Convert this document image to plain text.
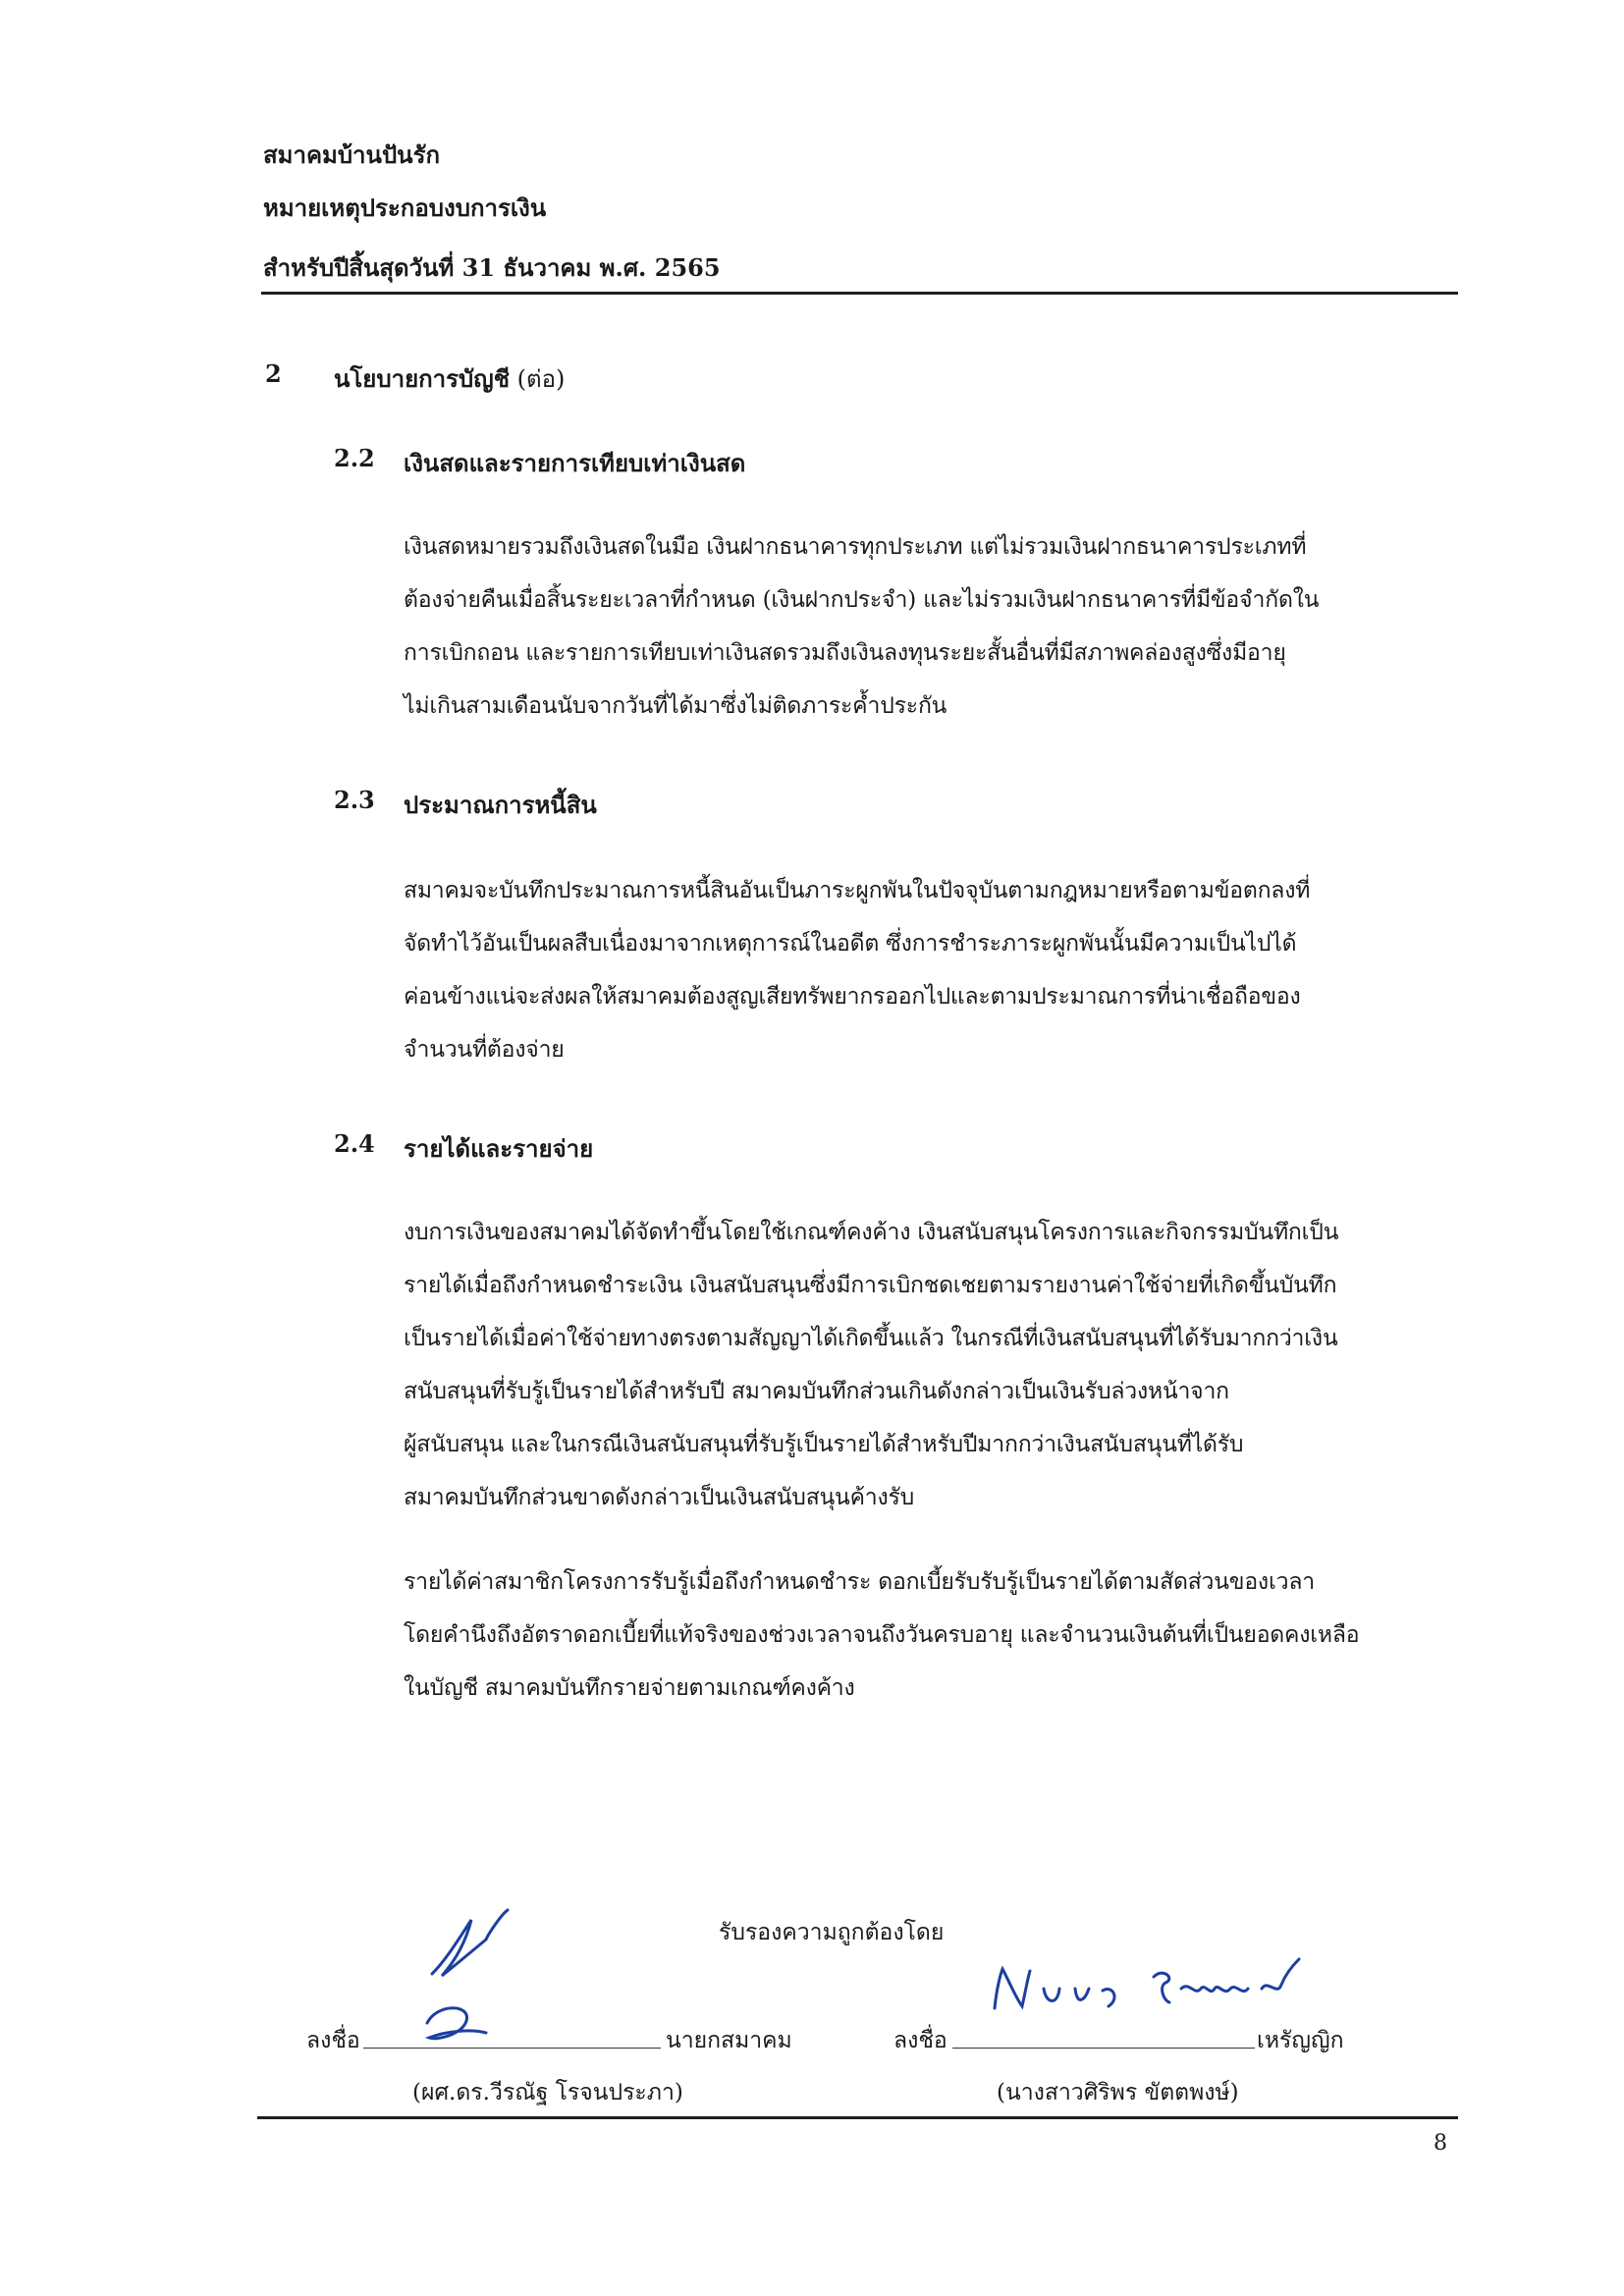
สมาคมบ้านปันรัก
หมายเหตุประกอบงบการเงิน
สำหรับปีสิ้นสุดวันที่ 31 ธันวาคม พ.ศ. 2565
2 นโยบายการบัญชี (ต่อ)
2.2 เงินสดและรายการเทียบเท่าเงินสด
เงินสดหมายรวมถึงเงินสดในมือ เงินฝากธนาคารทุกประเภท แต่ไม่รวมเงินฝากธนาคารประเภทที่
ต้องจ่ายคืนเมื่อสิ้นระยะเวลาที่กำหนด (เงินฝากประจำ) และไม่รวมเงินฝากธนาคารที่มีข้อจำกัดใน
การเบิกถอน และรายการเทียบเท่าเงินสดรวมถึงเงินลงทุนระยะสั้นอื่นที่มีสภาพคล่องสูงซึ่งมีอายุ
ไม่เกินสามเดือนนับจากวันที่ได้มาซึ่งไม่ติดภาระค้ำประกัน
2.3 ประมาณการหนี้สิน
สมาคมจะบันทึกประมาณการหนี้สินอันเป็นภาระผูกพันในปัจจุบันตามกฎหมายหรือตามข้อตกลงที่
จัดทำไว้อันเป็นผลสืบเนื่องมาจากเหตุการณ์ในอดีต ซึ่งการชำระภาระผูกพันนั้นมีความเป็นไปได้
ค่อนข้างแน่จะส่งผลให้สมาคมต้องสูญเสียทรัพยากรออกไปและตามประมาณการที่น่าเชื่อถือของ
จำนวนที่ต้องจ่าย
2.4 รายได้และรายจ่าย
งบการเงินของสมาคมได้จัดทำขึ้นโดยใช้เกณฑ์คงค้าง เงินสนับสนุนโครงการและกิจกรรมบันทึกเป็น
รายได้เมื่อถึงกำหนดชำระเงิน เงินสนับสนุนซึ่งมีการเบิกชดเชยตามรายงานค่าใช้จ่ายที่เกิดขึ้นบันทึก
เป็นรายได้เมื่อค่าใช้จ่ายทางตรงตามสัญญาได้เกิดขึ้นแล้ว ในกรณีที่เงินสนับสนุนที่ได้รับมากกว่าเงิน
สนับสนุนที่รับรู้เป็นรายได้สำหรับปี สมาคมบันทึกส่วนเกินดังกล่าวเป็นเงินรับล่วงหน้าจาก
ผู้สนับสนุน และในกรณีเงินสนับสนุนที่รับรู้เป็นรายได้สำหรับปีมากกว่าเงินสนับสนุนที่ได้รับ
สมาคมบันทึกส่วนขาดดังกล่าวเป็นเงินสนับสนุนค้างรับ
รายได้ค่าสมาชิกโครงการรับรู้เมื่อถึงกำหนดชำระ ดอกเบี้ยรับรับรู้เป็นรายได้ตามสัดส่วนของเวลา
โดยคำนึงถึงอัตราดอกเบี้ยที่แท้จริงของช่วงเวลาจนถึงวันครบอายุ และจำนวนเงินต้นที่เป็นยอดคงเหลือ
ในบัญชี สมาคมบันทึกรายจ่ายตามเกณฑ์คงค้าง
รับรองความถูกต้องโดย
ลงชื่อ	นายกสมาคม
(ผศ.ดร.วีรณัฐ โรจนประภา)
ลงชื่อ	เหรัญญิก
(นางสาวศิริพร ขัตตพงษ์)
8
